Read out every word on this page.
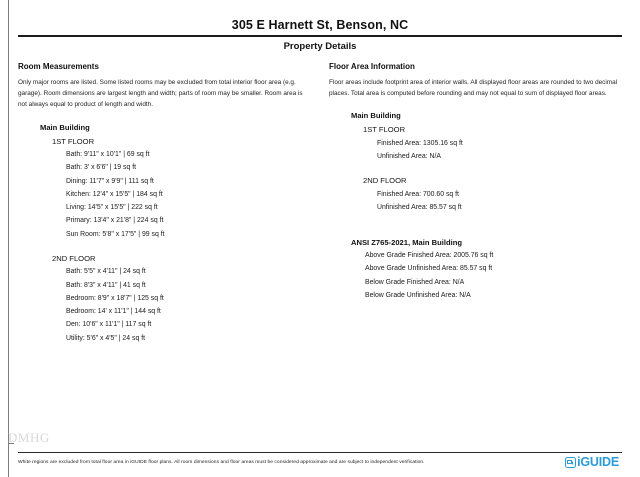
305 E Harnett St, Benson, NC
Property Details
Room Measurements

Only major rooms are listed. Some listed rooms may be excluded from total interior floor area (e.g. garage). Room dimensions are largest length and width; parts of room may be smaller. Room area is not always equal to product of length and width.

Main Building
1ST FLOOR
Bath: 9'11" x 10'1" | 69 sq ft
Bath: 3' x 6'6" | 19 sq ft
Dining: 11'7" x 9'9" | 111 sq ft
Kitchen: 12'4" x 15'5" | 184 sq ft
Living: 14'5" x 15'5" | 222 sq ft
Primary: 13'4" x 21'8" | 224 sq ft
Sun Room: 5'8" x 17'5" | 99 sq ft
2ND FLOOR
Bath: 5'5" x 4'11" | 24 sq ft
Bath: 8'3" x 4'11" | 41 sq ft
Bedroom: 8'9" x 18'7" | 125 sq ft
Bedroom: 14' x 11'1" | 144 sq ft
Den: 10'6" x 11'1" | 117 sq ft
Utility: 5'6" x 4'5" | 24 sq ft
Floor Area Information

Floor areas include footprint area of interior walls. All displayed floor areas are rounded to two decimal places. Total area is computed before rounding and may not equal to sum of displayed floor areas.

Main Building
1ST FLOOR
Finished Area: 1305.16 sq ft
Unfinished Area: N/A
2ND FLOOR
Finished Area: 700.60 sq ft
Unfinished Area: 85.57 sq ft
ANSI Z765-2021, Main Building
Above Grade Finished Area: 2005.76 sq ft
Above Grade Unfinished Area: 85.57 sq ft
Below Grade Finished Area: N/A
Below Grade Unfinished Area: N/A
DMHG
White regions are excluded from total floor area in iGUIDE floor plans. All room dimensions and floor areas must be considered approximate and are subject to independent verification.	iGUIDE
